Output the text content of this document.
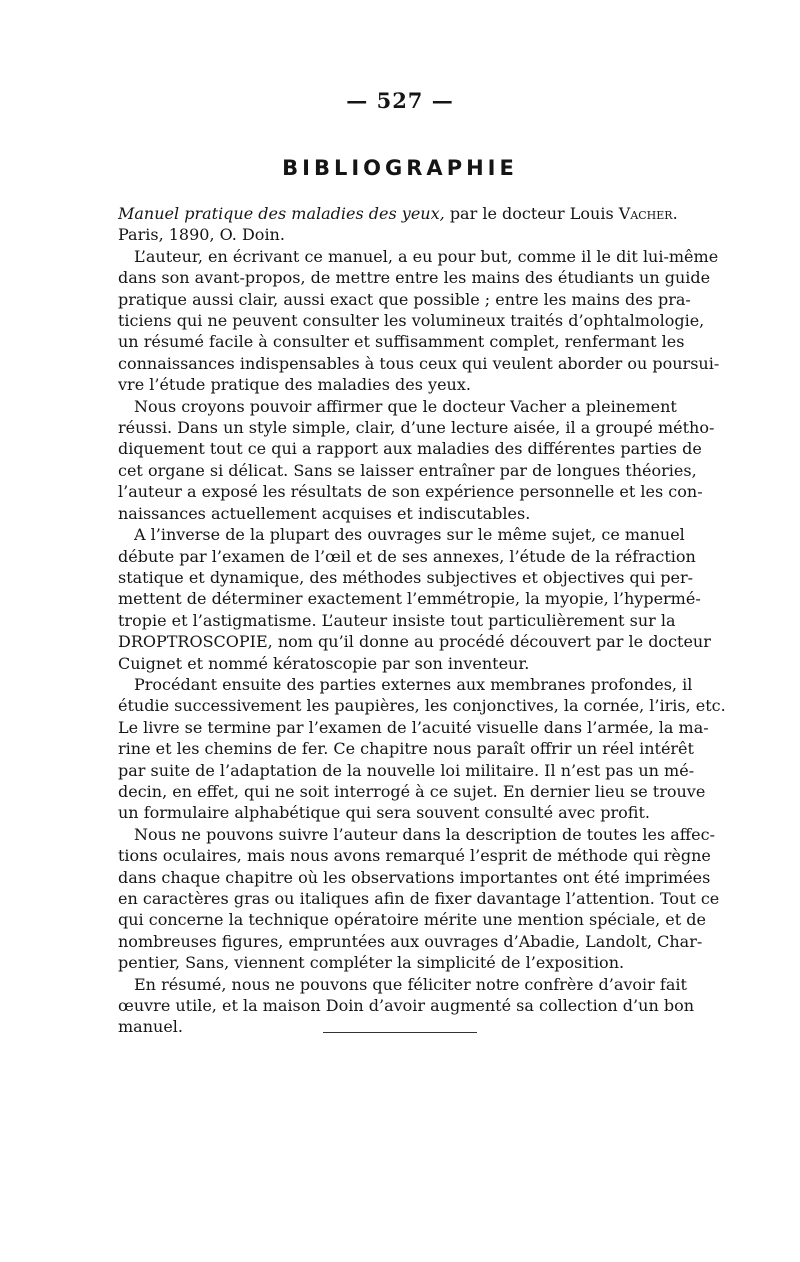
— 527 —
BIBLIOGRAPHIE
Manuel pratique des maladies des yeux, par le docteur Louis Vacher.
Paris, 1890, O. Doin.
L’auteur, en écrivant ce manuel, a eu pour but, comme il le dit lui-même
dans son avant-propos, de mettre entre les mains des étudiants un guide
pratique aussi clair, aussi exact que possible ; entre les mains des pra-
ticiens qui ne peuvent consulter les volumineux traités d’ophtalmologie,
un résumé facile à consulter et suffisamment complet, renfermant les
connaissances indispensables à tous ceux qui veulent aborder ou poursui-
vre l’étude pratique des maladies des yeux.
Nous croyons pouvoir affirmer que le docteur Vacher a pleinement
réussi. Dans un style simple, clair, d’une lecture aisée, il a groupé métho-
diquement tout ce qui a rapport aux maladies des différentes parties de
cet organe si délicat. Sans se laisser entraîner par de longues théories,
l’auteur a exposé les résultats de son expérience personnelle et les con-
naissances actuellement acquises et indiscutables.
A l’inverse de la plupart des ouvrages sur le même sujet, ce manuel
débute par l’examen de l’œil et de ses annexes, l’étude de la réfraction
statique et dynamique, des méthodes subjectives et objectives qui per-
mettent de déterminer exactement l’emmétropie, la myopie, l’hypermé-
tropie et l’astigmatisme. L’auteur insiste tout particulièrement sur la
DROPTROSCOPIE, nom qu’il donne au procédé découvert par le docteur
Cuignet et nommé kératoscopie par son inventeur.
Procédant ensuite des parties externes aux membranes profondes, il
étudie successivement les paupières, les conjonctives, la cornée, l’iris, etc.
Le livre se termine par l’examen de l’acuité visuelle dans l’armée, la ma-
rine et les chemins de fer. Ce chapitre nous paraît offrir un réel intérêt
par suite de l’adaptation de la nouvelle loi militaire. Il n’est pas un mé-
decin, en effet, qui ne soit interrogé à ce sujet. En dernier lieu se trouve
un formulaire alphabétique qui sera souvent consulté avec profit.
Nous ne pouvons suivre l’auteur dans la description de toutes les affec-
tions oculaires, mais nous avons remarqué l’esprit de méthode qui règne
dans chaque chapitre où les observations importantes ont été imprimées
en caractères gras ou italiques afin de fixer davantage l’attention. Tout ce
qui concerne la technique opératoire mérite une mention spéciale, et de
nombreuses figures, empruntées aux ouvrages d’Abadie, Landolt, Char-
pentier, Sans, viennent compléter la simplicité de l’exposition.
En résumé, nous ne pouvons que féliciter notre confrère d’avoir fait
œuvre utile, et la maison Doin d’avoir augmenté sa collection d’un bon
manuel.
